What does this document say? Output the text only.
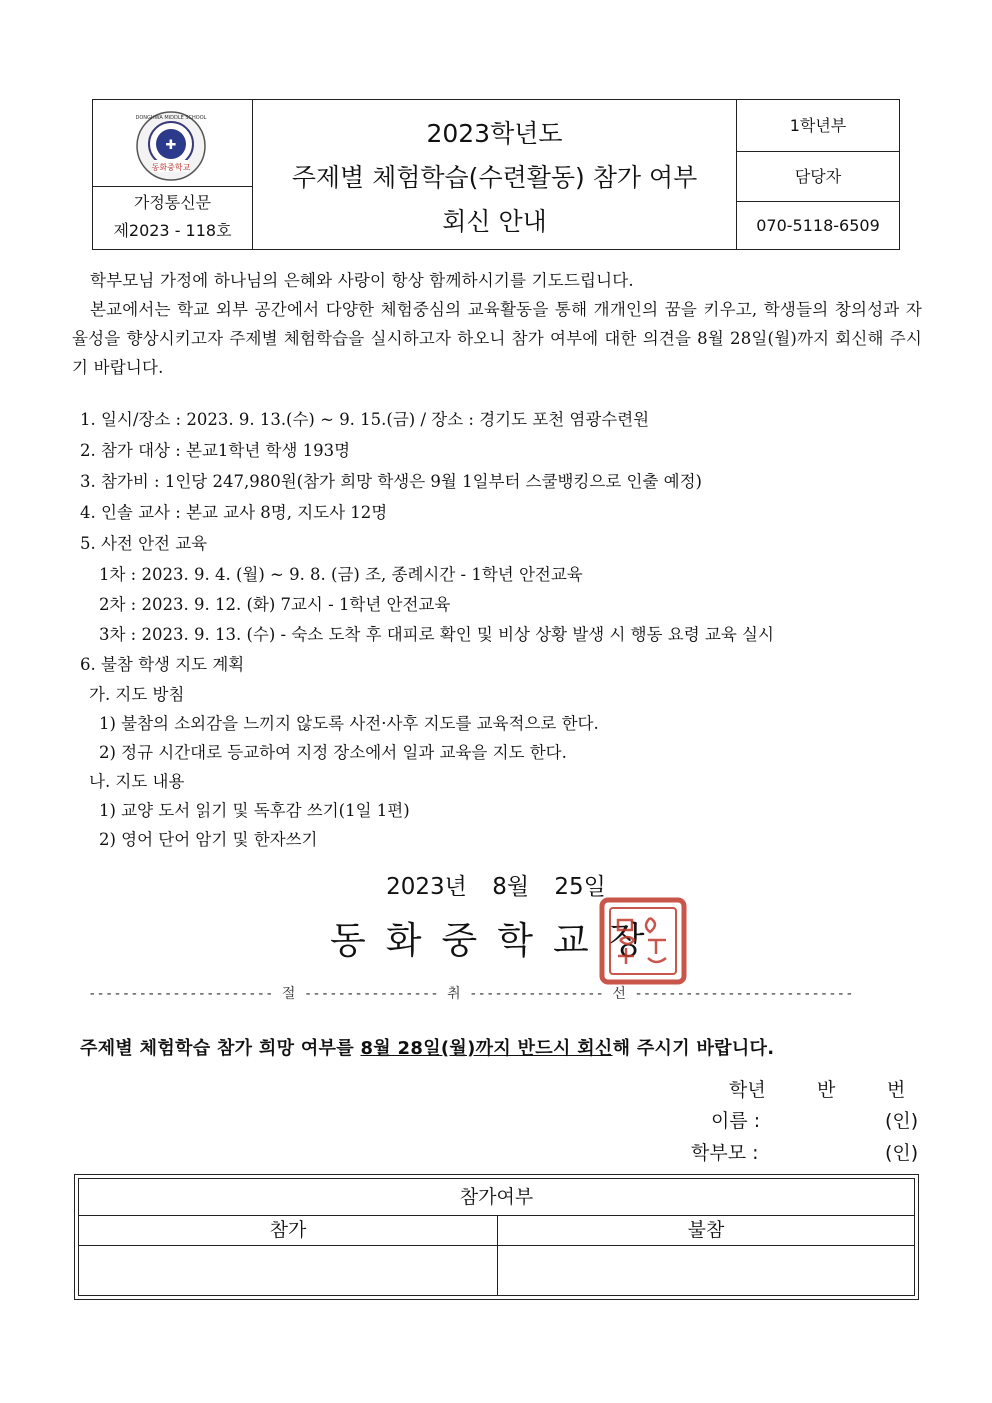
✚
동화중학교
DONGHWA MIDDLE SCHOOL
가정통신문
제2023 - 118호
2023학년도
주제별 체험학습(수련활동) 참가 여부
회신 안내
1학년부
담당자
070-5118-6509
학부모님 가정에 하나님의 은혜와 사랑이 항상 함께하시기를 기도드립니다.
본교에서는 학교 외부 공간에서 다양한 체험중심의 교육활동을 통해 개개인의 꿈을 키우고, 학생들의 창의성과 자율성을 향상시키고자 주제별 체험학습을 실시하고자 하오니 참가 여부에 대한 의견을 8월 28일(월)까지 회신해 주시기 바랍니다.
1. 일시/장소 : 2023. 9. 13.(수) ~ 9. 15.(금) / 장소 : 경기도 포천 염광수련원
2. 참가 대상 : 본교1학년 학생 193명
3. 참가비 : 1인당 247,980원(참가 희망 학생은 9월 1일부터 스쿨뱅킹으로 인출 예정)
4. 인솔 교사 : 본교 교사 8명, 지도사 12명
5. 사전 안전 교육
1차 : 2023. 9. 4. (월) ~ 9. 8. (금) 조, 종례시간 - 1학년 안전교육
2차 : 2023. 9. 12. (화) 7교시 - 1학년 안전교육
3차 : 2023. 9. 13. (수) - 숙소 도착 후 대피로 확인 및 비상 상황 발생 시 행동 요령 교육 실시
6. 불참 학생 지도 계획
가. 지도 방침
1) 불참의 소외감을 느끼지 않도록 사전·사후 지도를 교육적으로 한다.
2) 정규 시간대로 등교하여 지정 장소에서 일과 교육을 지도 한다.
나. 지도 내용
1) 교양 도서 읽기 및 독후감 쓰기(1일 1편)
2) 영어 단어 암기 및 한자쓰기
2023년 8월 25일
동화중학교장
---------------------- 절 ---------------- 취 ---------------- 선 --------------------------
주제별 체험학습 참가 희망 여부를 8월 28일(월)까지 반드시 회신해 주시기 바랍니다.
학년	반	번
이름 :	(인)
학부모 :	(인)
참가여부
참가	불참
